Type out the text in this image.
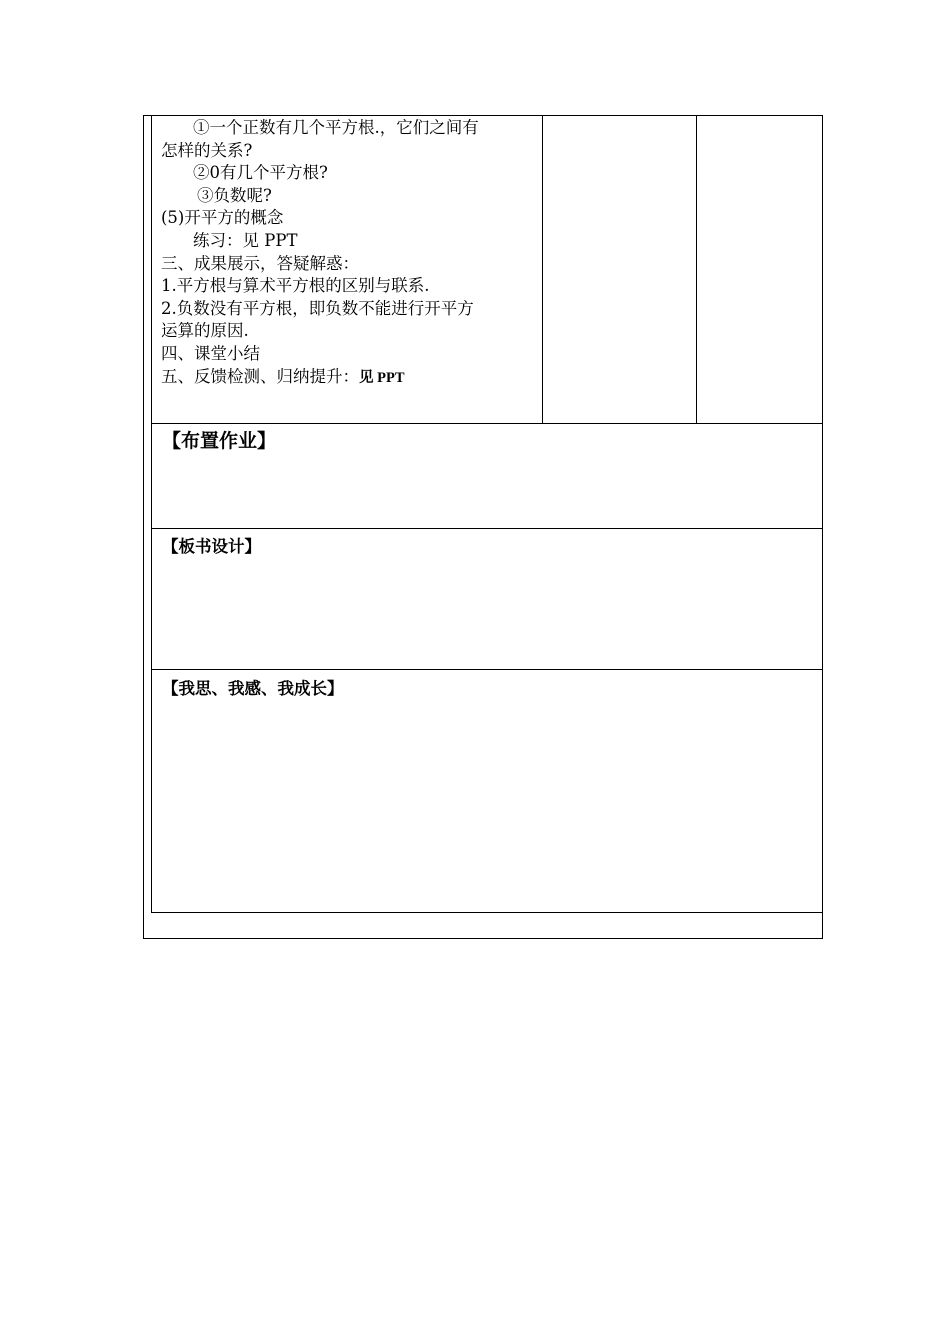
①一个正数有几个平方根.，它们之间有
怎样的关系?
②0有几个平方根?
③负数呢?
(5)开平方的概念
练习：见 PPT
三、成果展示，答疑解惑：
1.平方根与算术平方根的区别与联系.
2.负数没有平方根，即负数不能进行开平方
运算的原因.
四、课堂小结
五、反馈检测、归纳提升：见 PPT
【布置作业】
【板书设计】
【我思、我感、我成长】
